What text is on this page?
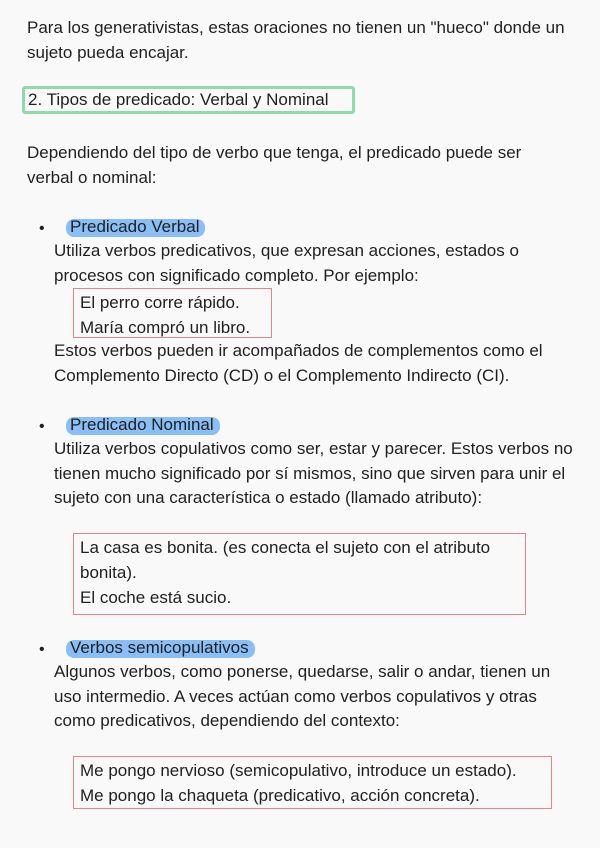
Para los generativistas, estas oraciones no tienen un "hueco" donde un sujeto pueda encajar.

2. Tipos de predicado: Verbal y Nominal

Dependiendo del tipo de verbo que tenga, el predicado puede ser verbal o nominal:

• Predicado Verbal

Utiliza verbos predicativos, que expresan acciones, estados o procesos con significado completo. Por ejemplo:

El perro corre rápido.
María compró un libro.

Estos verbos pueden ir acompañados de complementos como el Complemento Directo (CD) o el Complemento Indirecto (CI).

• Predicado Nominal

Utiliza verbos copulativos como ser, estar y parecer. Estos verbos no tienen mucho significado por sí mismos, sino que sirven para unir el sujeto con una característica o estado (llamado atributo):

La casa es bonita. (es conecta el sujeto con el atributo
bonita).
El coche está sucio.
• Verbos semicopulativos

Algunos verbos, como ponerse, quedarse, salir o andar, tienen un uso intermedio. A veces actúan como verbos copulativos y otras como predicativos, dependiendo del contexto:

Me pongo nervioso (semicopulativo, introduce un estado).
Me pongo la chaqueta (predicativo, acción concreta).
